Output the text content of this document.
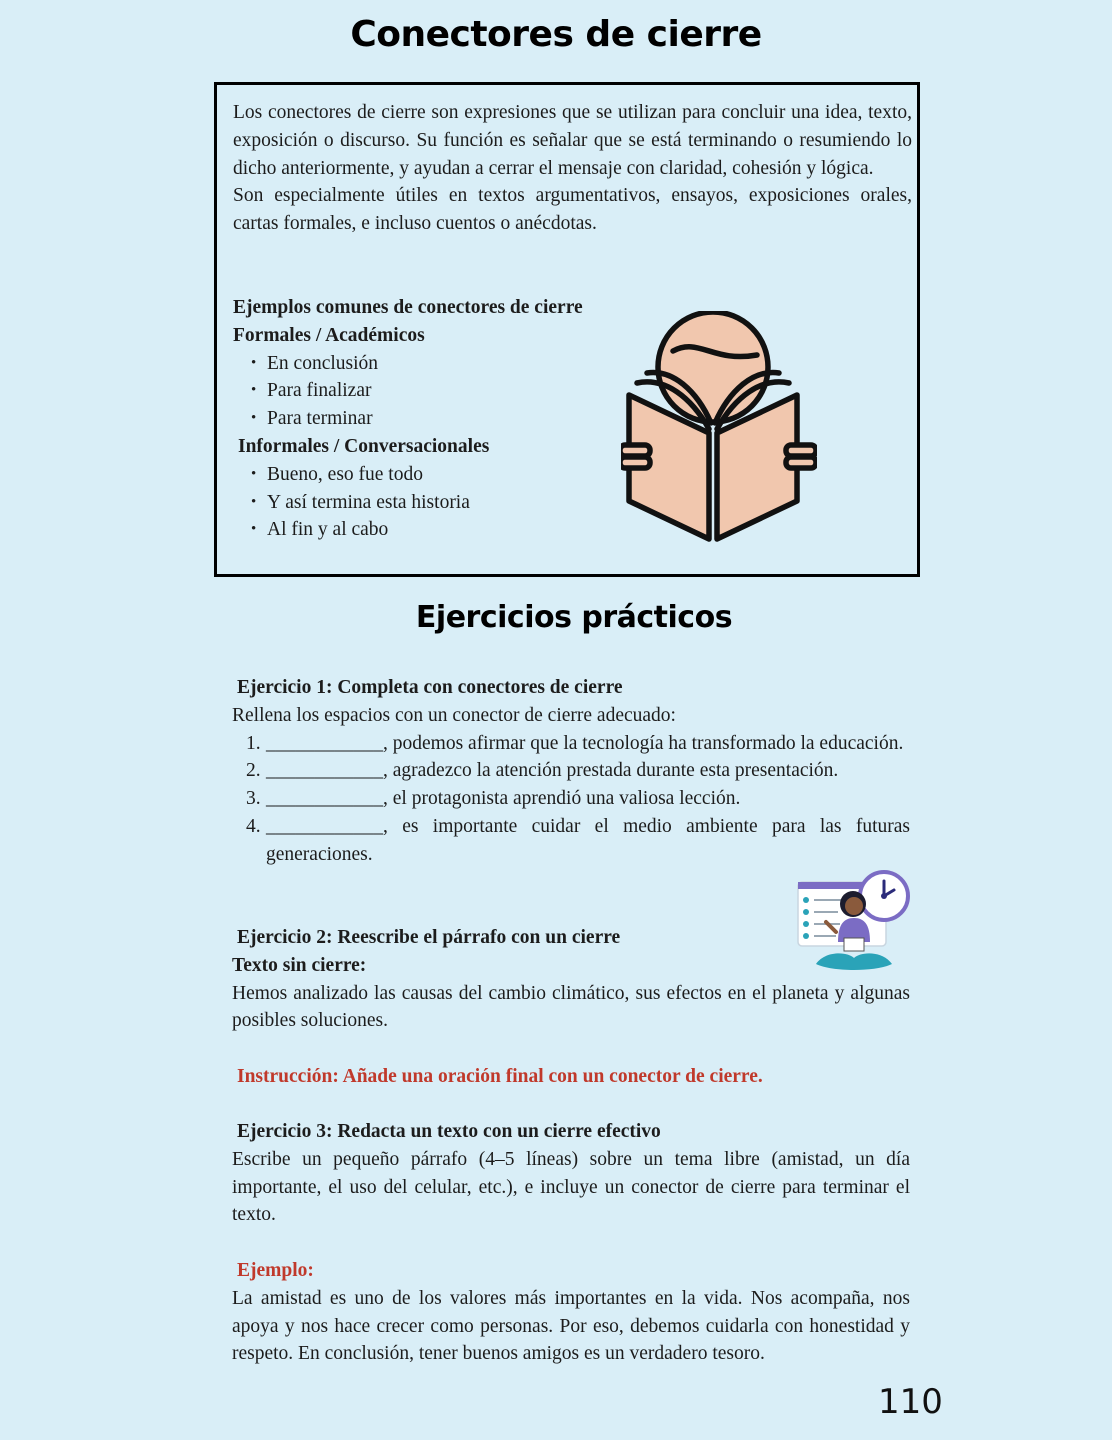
Conectores de cierre

Los conectores de cierre son expresiones que se utilizan para concluir una idea, texto, exposición o discurso. Su función es señalar que se está terminando o resumiendo lo dicho anteriormente, y ayudan a cerrar el mensaje con claridad, cohesión y lógica.

Son especialmente útiles en textos argumentativos, ensayos, exposiciones orales, cartas formales, e incluso cuentos o anécdotas.

Ejemplos comunes de conectores de cierre
Formales / Académicos
• En conclusión
• Para finalizar
• Para terminar
Informales / Conversacionales
• Bueno, eso fue todo
• Y así termina esta historia
• Al fin y al cabo
Ejercicios prácticos

Ejercicio 1: Completa con conectores de cierre

Rellena los espacios con un conector de cierre adecuado:

1. ____________, podemos afirmar que la tecnología ha transformado la educación.
2. ____________, agradezco la atención prestada durante esta presentación.
3. ____________, el protagonista aprendió una valiosa lección.
4. ____________, es importante cuidar el medio ambiente para las futuras generaciones.

Ejercicio 2: Reescribe el párrafo con un cierre

Texto sin cierre:

Hemos analizado las causas del cambio climático, sus efectos en el planeta y algunas posibles soluciones.

Instrucción: Añade una oración final con un conector de cierre.

Ejercicio 3: Redacta un texto con un cierre efectivo

Escribe un pequeño párrafo (4–5 líneas) sobre un tema libre (amistad, un día importante, el uso del celular, etc.), e incluye un conector de cierre para terminar el texto.

Ejemplo:

La amistad es uno de los valores más importantes en la vida. Nos acompaña, nos apoya y nos hace crecer como personas. Por eso, debemos cuidarla con honestidad y respeto. En conclusión, tener buenos amigos es un verdadero tesoro.

110
